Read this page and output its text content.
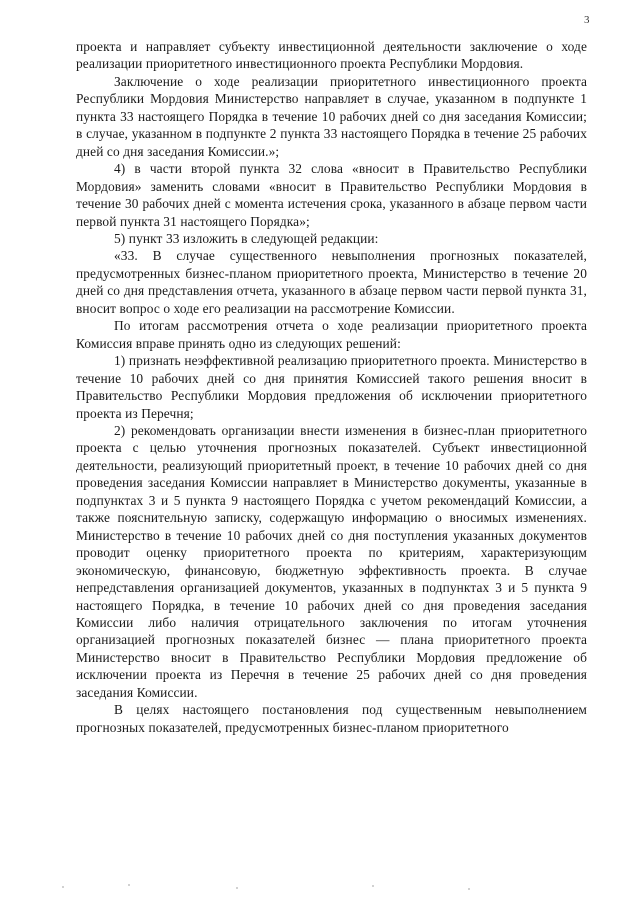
3

проекта и направляет субъекту инвестиционной деятельности заключение о ходе реализации приоритетного инвестиционного проекта Республики Мордовия.

Заключение о ходе реализации приоритетного инвестиционного проекта Республики Мордовия Министерство направляет в случае, указанном в подпункте 1 пункта 33 настоящего Порядка в течение 10 рабочих дней со дня заседания Комиссии; в случае, указанном в подпункте 2 пункта 33 настоящего Порядка в течение 25 рабочих дней со дня заседания Комиссии.»;

4) в части второй пункта 32 слова «вносит в Правительство Республики Мордовия» заменить словами «вносит в Правительство Республики Мордовия в течение 30 рабочих дней с момента истечения срока, указанного в абзаце первом части первой пункта 31 настоящего Порядка»;

5) пункт 33 изложить в следующей редакции:

«33. В случае существенного невыполнения прогнозных показателей, предусмотренных бизнес-планом приоритетного проекта, Министерство в течение 20 дней со дня представления отчета, указанного в абзаце первом части первой пункта 31, вносит вопрос о ходе его реализации на рассмотрение Комиссии.

По итогам рассмотрения отчета о ходе реализации приоритетного проекта Комиссия вправе принять одно из следующих решений:

1) признать неэффективной реализацию приоритетного проекта. Министерство в течение 10 рабочих дней со дня принятия Комиссией такого решения вносит в Правительство Республики Мордовия предложения об исключении приоритетного проекта из Перечня;

2) рекомендовать организации внести изменения в бизнес-план приоритетного проекта с целью уточнения прогнозных показателей. Субъект инвестиционной деятельности, реализующий приоритетный проект, в течение 10 рабочих дней со дня проведения заседания Комиссии направляет в Министерство документы, указанные в подпунктах 3 и 5 пункта 9 настоящего Порядка с учетом рекомендаций Комиссии, а также пояснительную записку, содержащую информацию о вносимых изменениях. Министерство в течение 10 рабочих дней со дня поступления указанных документов проводит оценку приоритетного проекта по критериям, характеризующим экономическую, финансовую, бюджетную эффективность проекта. В случае непредставления организацией документов, указанных в подпунктах 3 и 5 пункта 9 настоящего Порядка, в течение 10 рабочих дней со дня проведения заседания Комиссии либо наличия отрицательного заключения по итогам уточнения организацией прогнозных показателей бизнес — плана приоритетного проекта Министерство вносит в Правительство Республики Мордовия предложение об исключении проекта из Перечня в течение 25 рабочих дней со дня проведения заседания Комиссии.

В целях настоящего постановления под существенным невыполнением прогнозных показателей, предусмотренных бизнес-планом приоритетного
